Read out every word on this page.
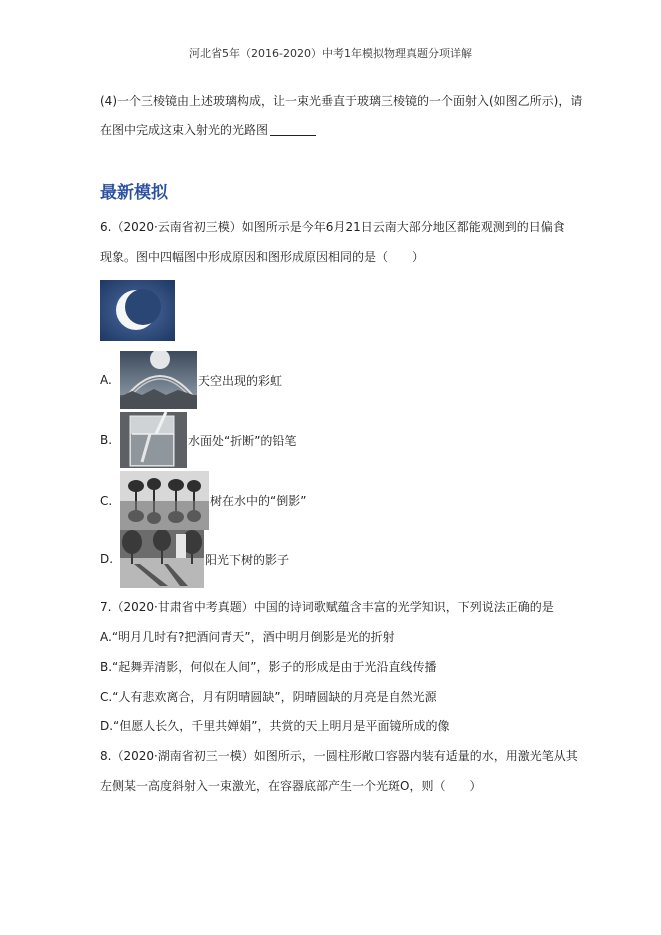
河北省5年（2016-2020）中考1年模拟物理真题分项详解
(4)一个三棱镜由上述玻璃构成，让一束光垂直于玻璃三棱镜的一个面射入(如图乙所示)，请
在图中完成这束入射光的光路图
最新模拟
6.（2020·云南省初三模）如图所示是今年6月21日云南大部分地区都能观测到的日偏食
现象。图中四幅图中形成原因和图形成原因相同的是（　　）
A.	天空出现的彩虹
B.	水面处“折断”的铅笔
C.	树在水中的“倒影”
D.	阳光下树的影子
7.（2020·甘肃省中考真题）中国的诗词歌赋蕴含丰富的光学知识，下列说法正确的是
A.“明月几时有?把酒问青天”，酒中明月倒影是光的折射
B.“起舞弄清影，何似在人间”，影子的形成是由于光沿直线传播
C.“人有悲欢离合，月有阴晴圆缺”，阴晴圆缺的月亮是自然光源
D.“但愿人长久，千里共婵娟”，共赏的天上明月是平面镜所成的像
8.（2020·湖南省初三一模）如图所示，一圆柱形敞口容器内装有适量的水，用激光笔从其
左侧某一高度斜射入一束激光，在容器底部产生一个光斑O，则（　　）
